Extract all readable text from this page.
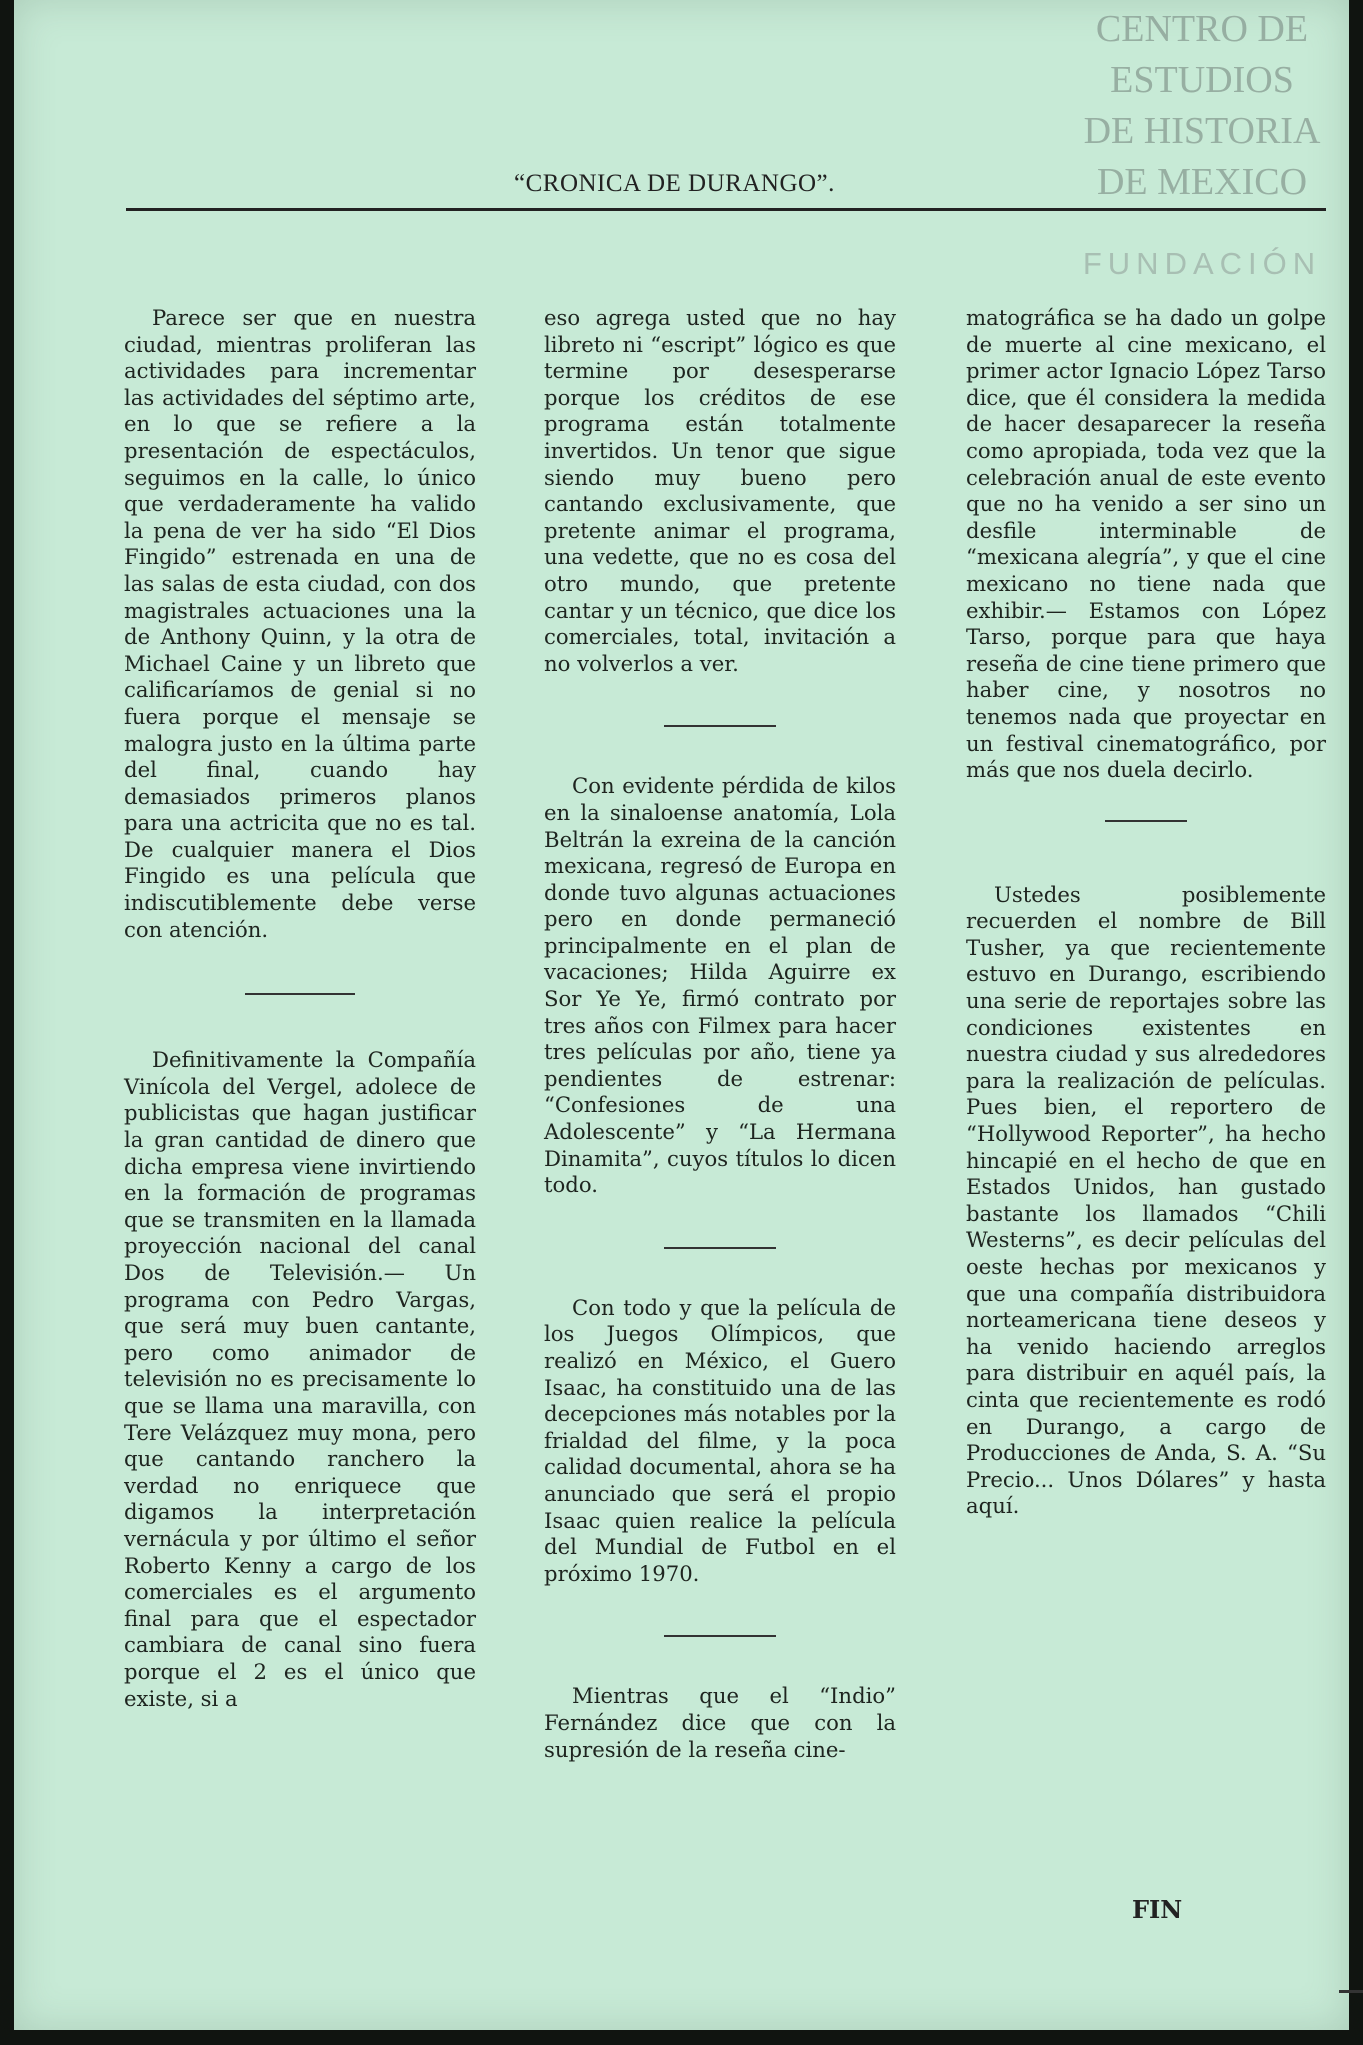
CENTRO DE
ESTUDIOS
DE HISTORIA
DE MEXICO
FUNDACIÓN
“CRONICA DE DURANGO”.

Parece ser que en nuestra ciudad, mientras proliferan las actividades para incrementar las actividades del séptimo arte, en lo que se refiere a la presentación de espectáculos, seguimos en la calle, lo único que verdaderamente ha valido la pena de ver ha sido “El Dios Fingido” estrenada en una de las salas de esta ciudad, con dos magistrales actuaciones una la de Anthony Quinn, y la otra de Michael Caine y un libreto que calificaríamos de genial si no fuera porque el mensaje se malogra justo en la última parte del final, cuando hay demasiados primeros planos para una actricita que no es tal. De cualquier manera el Dios Fingido es una película que indiscutiblemente debe verse con atención.

Definitivamente la Compañía Vinícola del Vergel, adolece de publicistas que hagan justificar la gran cantidad de dinero que dicha empresa viene invirtiendo en la formación de programas que se transmiten en la llamada proyección nacional del canal Dos de Televisión.— Un programa con Pedro Vargas, que será muy buen cantante, pero como animador de televisión no es precisamente lo que se llama una maravilla, con Tere Velázquez muy mona, pero que cantando ranchero la verdad no enriquece que digamos la interpretación vernácula y por último el señor Roberto Kenny a cargo de los comerciales es el argumento final para que el espectador cambiara de canal sino fuera porque el 2 es el único que existe, si a

eso agrega usted que no hay libreto ni “escript” lógico es que termine por desesperarse porque los créditos de ese programa están totalmente invertidos. Un tenor que sigue siendo muy bueno pero cantando exclusivamente, que pretente animar el programa, una vedette, que no es cosa del otro mundo, que pretente cantar y un técnico, que dice los comerciales, total, invitación a no volverlos a ver.

Con evidente pérdida de kilos en la sinaloense anatomía, Lola Beltrán la exreina de la canción mexicana, regresó de Europa en donde tuvo algunas actuaciones pero en donde permaneció principalmente en el plan de vacaciones; Hilda Aguirre ex Sor Ye Ye, firmó contrato por tres años con Filmex para hacer tres películas por año, tiene ya pendientes de estrenar: “Confesiones de una Adolescente” y “La Hermana Dinamita”, cuyos títulos lo dicen todo.

Con todo y que la película de los Juegos Olímpicos, que realizó en México, el Guero Isaac, ha constituido una de las decepciones más notables por la frialdad del filme, y la poca calidad documental, ahora se ha anunciado que será el propio Isaac quien realice la película del Mundial de Futbol en el próximo 1970.

Mientras que el “Indio” Fernández dice que con la supresión de la reseña cine-

matográfica se ha dado un golpe de muerte al cine mexicano, el primer actor Ignacio López Tarso dice, que él considera la medida de hacer desaparecer la reseña como apropiada, toda vez que la celebración anual de este evento que no ha venido a ser sino un desfile interminable de “mexicana alegría”, y que el cine mexicano no tiene nada que exhibir.— Estamos con López Tarso, porque para que haya reseña de cine tiene primero que haber cine, y nosotros no tenemos nada que proyectar en un festival cinematográfico, por más que nos duela decirlo.

Ustedes posiblemente recuerden el nombre de Bill Tusher, ya que recientemente estuvo en Durango, escribiendo una serie de reportajes sobre las condiciones existentes en nuestra ciudad y sus alrededores para la realización de películas. Pues bien, el reportero de “Hollywood Reporter”, ha hecho hincapié en el hecho de que en Estados Unidos, han gustado bastante los llamados “Chili Westerns”, es decir películas del oeste hechas por mexicanos y que una compañía distribuidora norteamericana tiene deseos y ha venido haciendo arreglos para distribuir en aquél país, la cinta que recientemente es rodó en Durango, a cargo de Producciones de Anda, S. A. “Su Precio... Unos Dólares” y hasta aquí.

FIN
